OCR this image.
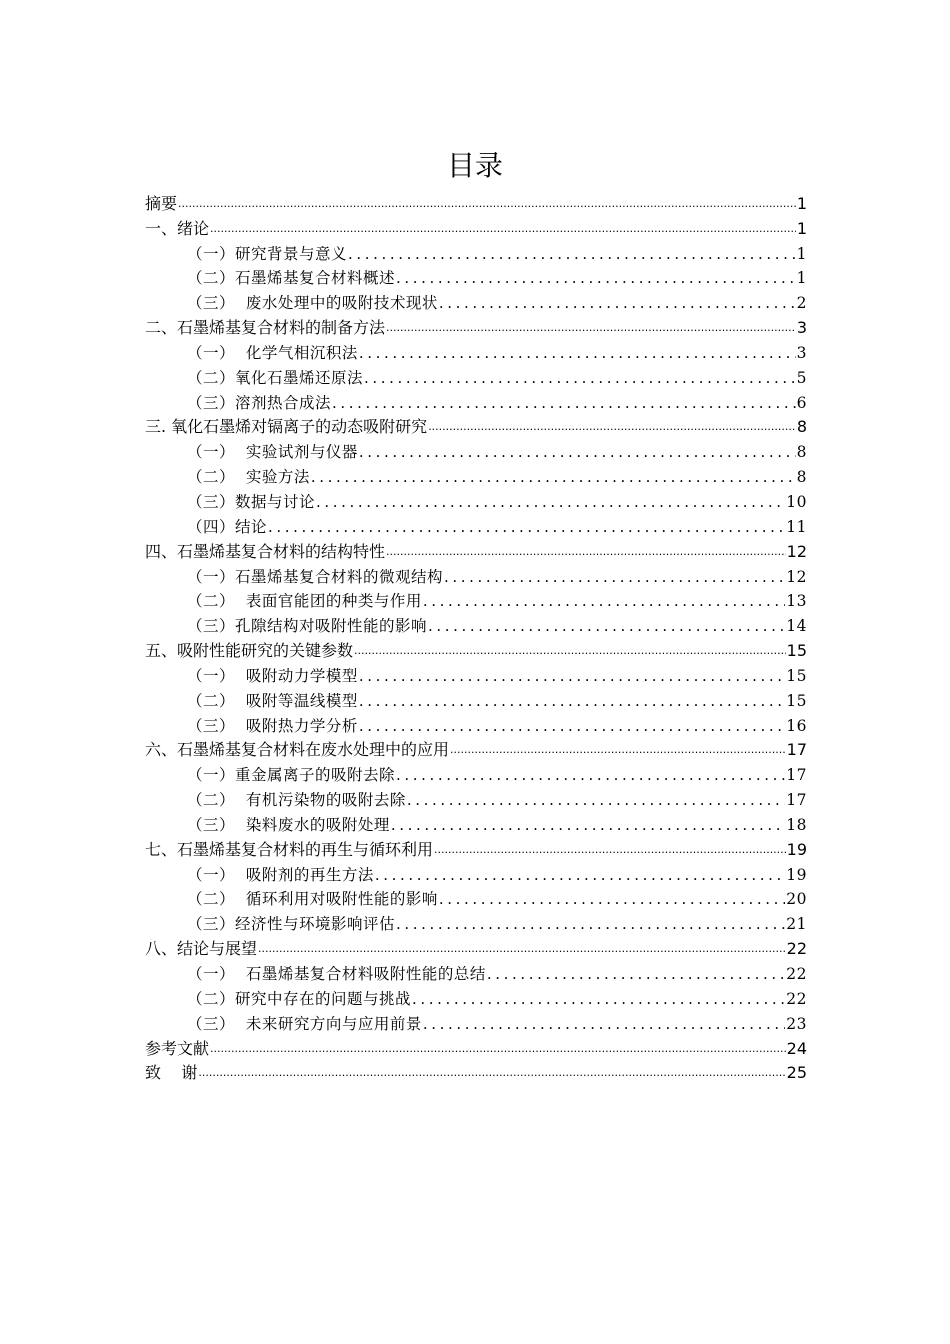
目录
摘要 .....	1
一、绪论 .....	1
（一）研究背景与意义 .....	1
（二）石墨烯基复合材料概述 .....	1
（三）  废水处理中的吸附技术现状 .....	2
二、石墨烯基复合材料的制备方法 .....	3
（一）  化学气相沉积法 .....	3
（二）氧化石墨烯还原法 .....	5
（三）溶剂热合成法 .....	6
三. 氧化石墨烯对镉离子的动态吸附研究 .....	8
（一）  实验试剂与仪器 .....	8
（二）  实验方法 .....	8
（三）数据与讨论 .....	10
（四）结论 .....	11
四、石墨烯基复合材料的结构特性 .....	12
（一）石墨烯基复合材料的微观结构 .....	12
（二）  表面官能团的种类与作用 .....	13
（三）孔隙结构对吸附性能的影响 .....	14
五、吸附性能研究的关键参数 .....	15
（一）  吸附动力学模型 .....	15
（二）  吸附等温线模型 .....	15
（三）  吸附热力学分析 .....	16
六、石墨烯基复合材料在废水处理中的应用 .....	17
（一）重金属离子的吸附去除 .....	17
（二）  有机污染物的吸附去除 .....	17
（三）  染料废水的吸附处理 .....	18
七、石墨烯基复合材料的再生与循环利用 .....	19
（一）  吸附剂的再生方法 .....	19
（二）  循环利用对吸附性能的影响 .....	20
（三）经济性与环境影响评估 .....	21
八、结论与展望 .....	22
（一）  石墨烯基复合材料吸附性能的总结 .....	22
（二）研究中存在的问题与挑战 .....	22
（三）  未来研究方向与应用前景 .....	23
参考文献 .....	24
致    谢 .....	25
